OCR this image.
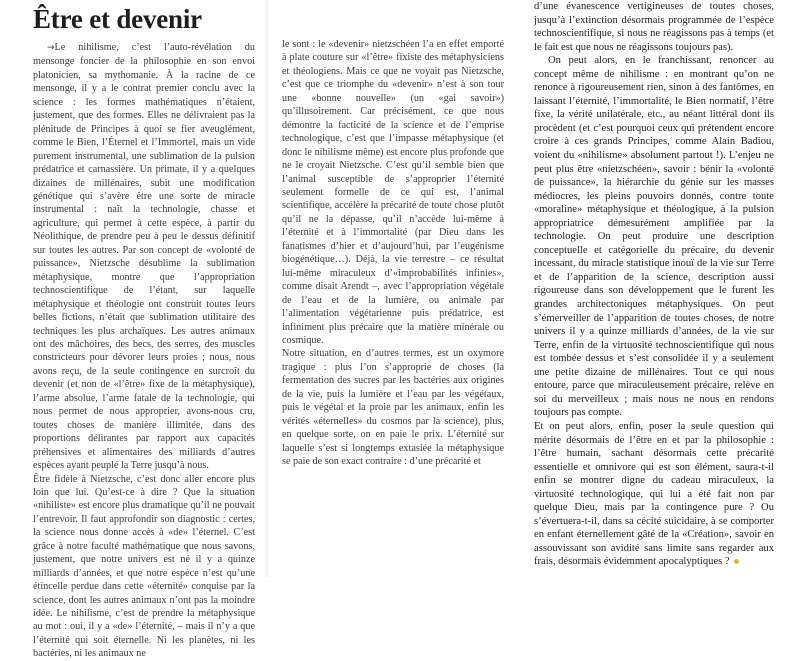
Être et devenir

→Le nihilisme, c’est l’auto-révélation du mensonge foncier de la philosophie en son envoi platonicien, sa mythomanie. À la racine de ce mensonge, il y a le contrat premier conclu avec la science : les formes mathématiques n’étaient, justement, que des formes. Elles ne délivraient pas la plénitude de Principes à quoi se fier aveuglément, comme le Bien, l’Éternel et l’Immortel, mais un vide purement instrumental, une sublimation de la pulsion prédatrice et carnassière. Un primate, il y a quelques dizaines de millénaires, subit une modification génétique qui s’avère être une sorte de miracle instrumental : naît la technologie, chasse et agriculture, qui permet à cette espèce, à partir du Néolithique, de prendre peu à peu le dessus définitif sur toutes les autres. Par son concept de «volonté de puissance», Nietzsche désublime la sublimation métaphysique, montre que l’appropriation technoscientifique de l’étant, sur laquelle métaphysique et théologie ont construit toutes leurs belles fictions, n’était que sublimation utilitaire des techniques les plus archaïques. Les autres animaux ont des mâchoires, des becs, des serres, des muscles constricteurs pour dévorer leurs proies ; nous, nous avons reçu, de la seule contingence en surcroît du devenir (et non de «l’être» fixe de la métaphysique), l’arme absolue, l’arme fatale de la technologie, qui nous permet de nous approprier, avons-nous cru, toutes choses de manière illimitée, dans des proportions délirantes par rapport aux capacités préhensives et alimentaires des milliards d’autres espèces ayant peuplé la Terre jusqu’à nous.

Être fidèle à Nietzsche, c’est donc aller encore plus loin que lui. Qu’est-ce à dire ? Que la situation «nihiliste» est encore plus dramatique qu’il ne pouvait l’entrevoir. Il faut approfondir son diagnostic : certes, la science nous donne accès à «de» l’éternel. C’est grâce à notre faculté mathématique que nous savons, justement, que notre univers est né il y a quinze milliards d’années, et que notre espèce n’est qu’une étincelle perdue dans cette «éternité» conquise par la science, dont les autres animaux n’ont pas la moindre idée. Le nihilisme, c’est de prendre la métaphysique au mot : oui, il y a «de» l’éternité, – mais il n’y a que l’éternité qui soit éternelle. Ni les planètes, ni les bactéries, ni les animaux ne

le sont : le «devenir» nietzschéen l’a en effet emporté à plate couture sur «l’être» fixiste des métaphysiciens et théologiens. Mais ce que ne voyait pas Nietzsche, c’est que ce triomphe du «devenir» n’est à son tour une «bonne nouvelle» (un «gai savoir») qu’illusoirement. Car précisément, ce que nous démontre la facticité de la science et de l’emprise technologique, c’est que l’impasse métaphysique (et donc le nihilisme même) est encore plus profonde que ne le croyait Nietzsche. C’est qu’il semble bien que l’animal susceptible de s’approprier l’éternité seulement formelle de ce qui est, l’animal scientifique, accélère la précarité de toute chose plutôt qu’il ne la dépasse, qu’il n’accède lui-même à l’éternité et à l’immortalité (par Dieu dans les fanatismes d’hier et d’aujourd’hui, par l’eugénisme biogénétique…). Déjà, la vie terrestre – ce résultat lui-même miraculeux d’«improbabilités infinies», comme disait Arendt –, avec l’appropriation végétale de l’eau et de la lumière, ou animale par l’alimentation végétarienne puis prédatrice, est infiniment plus précaire que la matière minérale ou cosmique.

Notre situation, en d’autres termes, est un oxymore tragique : plus l’on s’approprie de choses (la fermentation des sucres par les bactéries aux origines de la vie, puis la lumière et l’eau par les végétaux, puis le végétal et la proie par les animaux, enfin les vérités «éternelles» du cosmos par la science), plus, en quelque sorte, on en paie le prix. L’éternité sur laquelle s’est si longtemps extasiée la métaphysique se paie de son exact contraire : d’une précarité et

d’une évanescence vertigineuses de toutes choses, jusqu’à l’extinction désormais programmée de l’espèce technoscientifique, si nous ne réagissons pas à temps (et le fait est que nous ne réagissons toujours pas).

On peut alors, en le franchissant, renoncer au concept même de nihilisme : en montrant qu’on ne renonce à rigoureusement rien, sinon à des fantômes, en laissant l’éternité, l’immortalité, le Bien normatif, l’être fixe, la vérité unilatérale, etc., au néant littéral dont ils procèdent (et c’est pourquoi ceux qui prétendent encore croire à ces grands Principes, comme Alain Badiou, voient du «nihilisme» absolument partout !). L’enjeu ne peut plus être «nietzschéen», savoir : bénir la «volonté de puissance», la hiérarchie du génie sur les masses médiocres, les pleins pouvoirs donnés, contre toute «moraline» métaphysique et théologique, à la pulsion appropriatrice démesurément amplifiée par la technologie. On peut produire une description conceptuelle et catégorielle du précaire, du devenir incessant, du miracle statistique inouï de la vie sur Terre et de l’apparition de la science, description aussi rigoureuse dans son développement que le furent les grandes architectoniques métaphysiques. On peut s’émerveiller de l’apparition de toutes choses, de notre univers il y a quinze milliards d’années, de la vie sur Terre, enfin de la virtuosité technoscientifique qui nous est tombée dessus et s’est consolidée il y a seulement une petite dizaine de millénaires. Tout ce qui nous entoure, parce que miraculeusement précaire, relève en soi du merveilleux ; mais nous ne nous en rendons toujours pas compte.

Et on peut alors, enfin, poser la seule question qui mérite désormais de l’être en et par la philosophie : l’être humain, sachant désormais cette précarité essentielle et omnivore qui est son élément, saura-t-il enfin se montrer digne du cadeau miraculeux, la virtuosité technologique, qui lui a été fait non par quelque Dieu, mais par la contingence pure ? Ou s’évertuera-t-il, dans sa cécité suicidaire, à se comporter en enfant éternellement gâté de la «Création», savoir en assouvissant son avidité sans limite sans regarder aux frais, désormais évidemment apocalyptiques ?
